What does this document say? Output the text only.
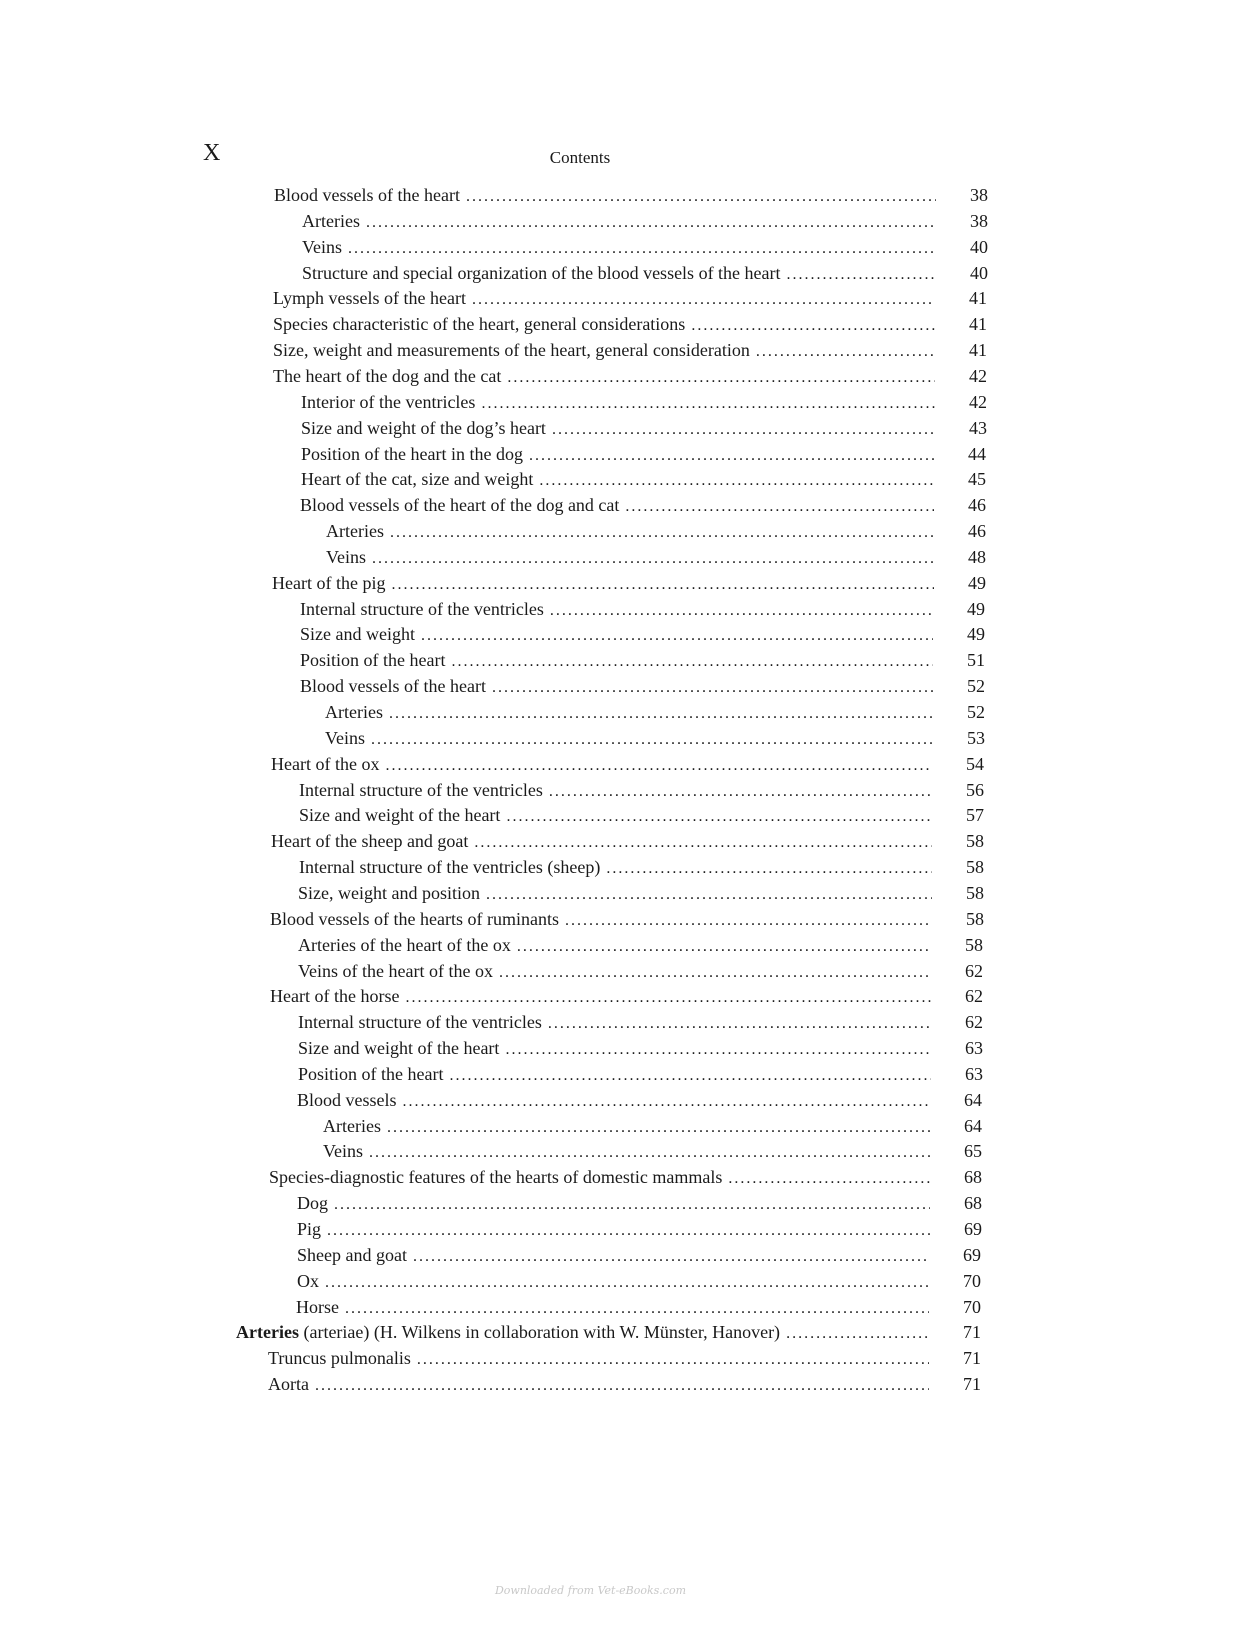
X	Contents
Blood vessels of the heart . . .	38
Arteries . . .	38
Veins . . .	40
Structure and special organization of the blood vessels of the heart . . .	40
Lymph vessels of the heart . . .	41
Species characteristic of the heart, general considerations . . .	41
Size, weight and measurements of the heart, general consideration . . .	41
The heart of the dog and the cat . . .	42
Interior of the ventricles . . .	42
Size and weight of the dog’s heart . . .	43
Position of the heart in the dog . . .	44
Heart of the cat, size and weight . . .	45
Blood vessels of the heart of the dog and cat . . .	46
Arteries . . .	46
Veins . . .	48
Heart of the pig . . .	49
Internal structure of the ventricles . . .	49
Size and weight . . .	49
Position of the heart . . .	51
Blood vessels of the heart . . .	52
Arteries . . .	52
Veins . . .	53
Heart of the ox . . .	54
Internal structure of the ventricles . . .	56
Size and weight of the heart . . .	57
Heart of the sheep and goat . . .	58
Internal structure of the ventricles (sheep) . . .	58
Size, weight and position . . .	58
Blood vessels of the hearts of ruminants . . .	58
Arteries of the heart of the ox . . .	58
Veins of the heart of the ox . . .	62
Heart of the horse . . .	62
Internal structure of the ventricles . . .	62
Size and weight of the heart . . .	63
Position of the heart . . .	63
Blood vessels . . .	64
Arteries . . .	64
Veins . . .	65
Species-diagnostic features of the hearts of domestic mammals . . .	68
Dog . . .	68
Pig . . .	69
Sheep and goat . . .	69
Ox . . .	70
Horse . . .	70
Arteries (arteriae) (H. Wilkens in collaboration with W. Münster, Hanover) . . .	71
Truncus pulmonalis . . .	71
Aorta . . .	71
Downloaded from Vet-eBooks.com
